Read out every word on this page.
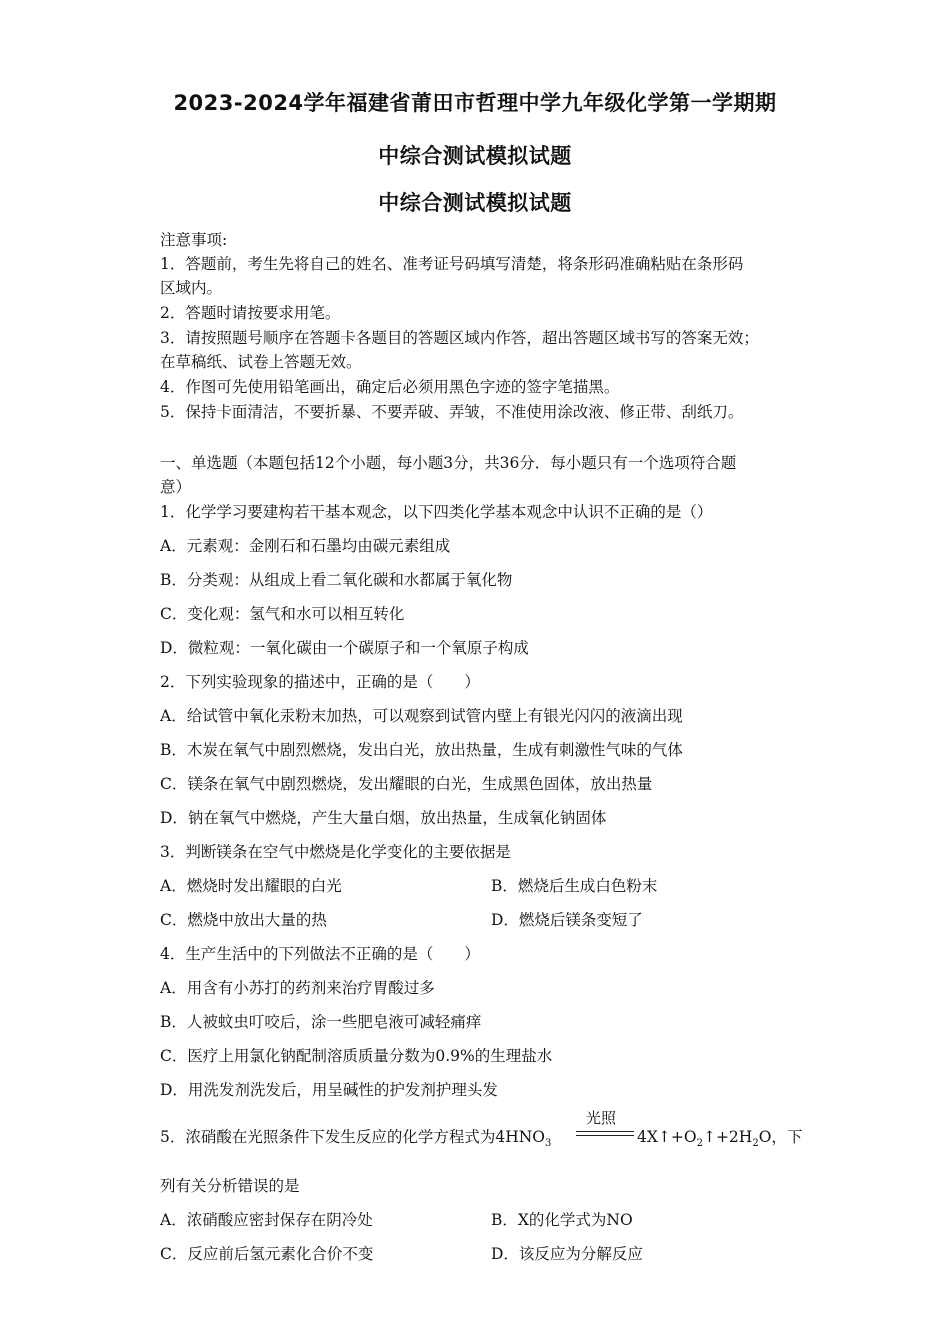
2023-2024学年福建省莆田市哲理中学九年级化学第一学期期
中综合测试模拟试题
中综合测试模拟试题
注意事项:
1．答题前，考生先将自己的姓名、准考证号码填写清楚，将条形码准确粘贴在条形码
区域内。
2．答题时请按要求用笔。
3．请按照题号顺序在答题卡各题目的答题区域内作答，超出答题区域书写的答案无效；
在草稿纸、试卷上答题无效。
4．作图可先使用铅笔画出，确定后必须用黑色字迹的签字笔描黑。
5．保持卡面清洁，不要折暴、不要弄破、弄皱，不准使用涂改液、修正带、刮纸刀。
一、单选题（本题包括12个小题，每小题3分，共36分．每小题只有一个选项符合题
意）
1．化学学习要建构若干基本观念，以下四类化学基本观念中认识不正确的是（）
A．元素观：金刚石和石墨均由碳元素组成
B．分类观：从组成上看二氧化碳和水都属于氧化物
C．变化观：氢气和水可以相互转化
D．微粒观：一氧化碳由一个碳原子和一个氧原子构成
2．下列实验现象的描述中，正确的是（　　）
A．给试管中氧化汞粉末加热，可以观察到试管内壁上有银光闪闪的液滴出现
B．木炭在氧气中剧烈燃烧，发出白光，放出热量，生成有刺激性气味的气体
C．镁条在氧气中剧烈燃烧，发出耀眼的白光，生成黑色固体，放出热量
D．钠在氧气中燃烧，产生大量白烟，放出热量，生成氧化钠固体
3．判断镁条在空气中燃烧是化学变化的主要依据是
A．燃烧时发出耀眼的白光	B．燃烧后生成白色粉末
C．燃烧中放出大量的热	D．燃烧后镁条变短了
4．生产生活中的下列做法不正确的是（　　）
A．用含有小苏打的药剂来治疗胃酸过多
B．人被蚊虫叮咬后，涂一些肥皂液可减轻痛痒
C．医疗上用氯化钠配制溶质质量分数为0.9%的生理盐水
D．用洗发剂洗发后，用呈碱性的护发剂护理头发
5．浓硝酸在光照条件下发生反应的化学方程式为$4HNO_3$
光照
$4X↑+O_2↑+2H_2O$，下
列有关分析错误的是
A．浓硝酸应密封保存在阴冷处	B．X的化学式为NO
C．反应前后氢元素化合价不变	D．该反应为分解反应
